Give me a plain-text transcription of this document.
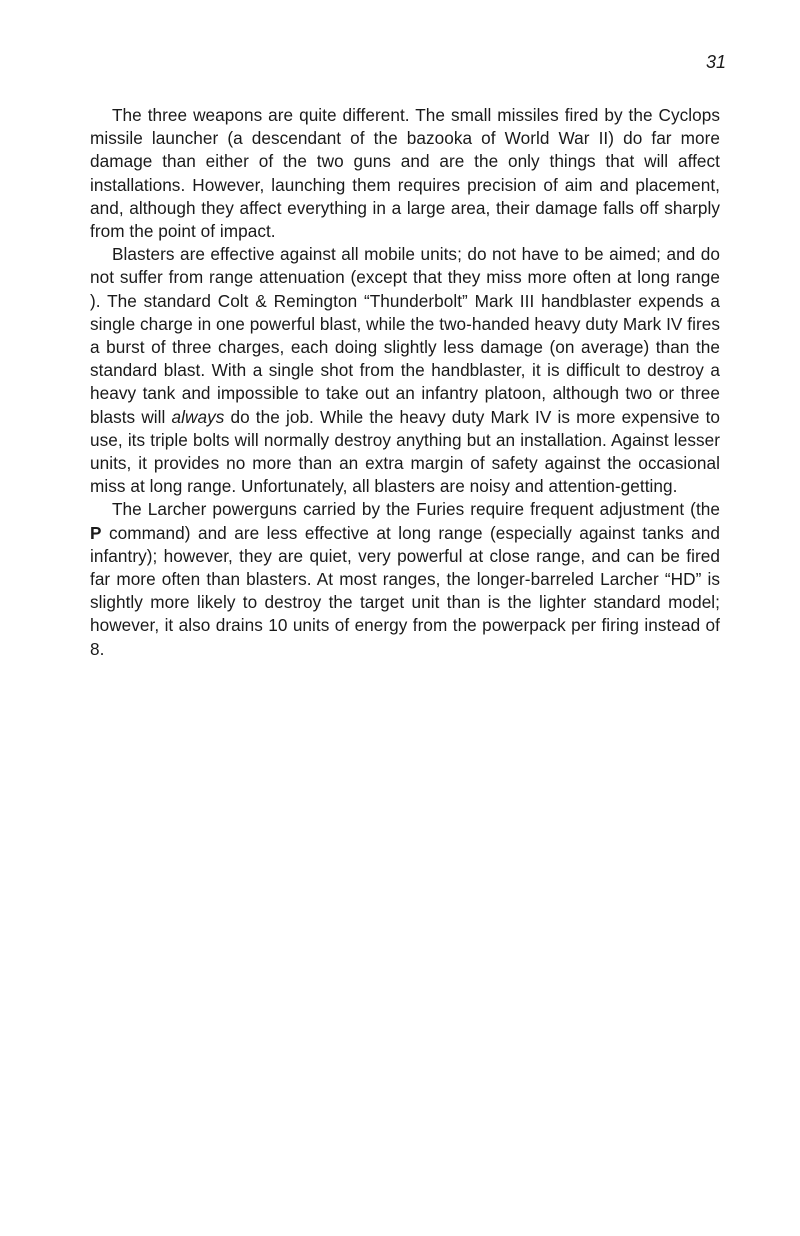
31

The three weapons are quite different. The small missiles fired by the Cyclops missile launcher (a descendant of the bazooka of World War II) do far more damage than either of the two guns and are the only things that will affect installations. However, launching them requires precision of aim and placement, and, although they affect everything in a large area, their damage falls off sharply from the point of impact.

Blasters are effective against all mobile units; do not have to be aimed; and do not suffer from range attenuation (except that they miss more often at long range ). The standard Colt & Remington “Thunderbolt” Mark III handblaster expends a single charge in one powerful blast, while the two-handed heavy duty Mark IV fires a burst of three charges, each doing slightly less damage (on average) than the standard blast. With a single shot from the handblaster, it is difficult to destroy a heavy tank and impossible to take out an infantry platoon, although two or three blasts will always do the job. While the heavy duty Mark IV is more expensive to use, its triple bolts will normally destroy anything but an installation. Against lesser units, it provides no more than an extra margin of safety against the occasional miss at long range. Unfortunately, all blasters are noisy and attention-getting.

The Larcher powerguns carried by the Furies require frequent adjustment (the P command) and are less effective at long range (especially against tanks and infantry); however, they are quiet, very powerful at close range, and can be fired far more often than blasters. At most ranges, the longer-barreled Larcher “HD” is slightly more likely to destroy the target unit than is the lighter standard model; however, it also drains 10 units of energy from the powerpack per firing instead of 8.
